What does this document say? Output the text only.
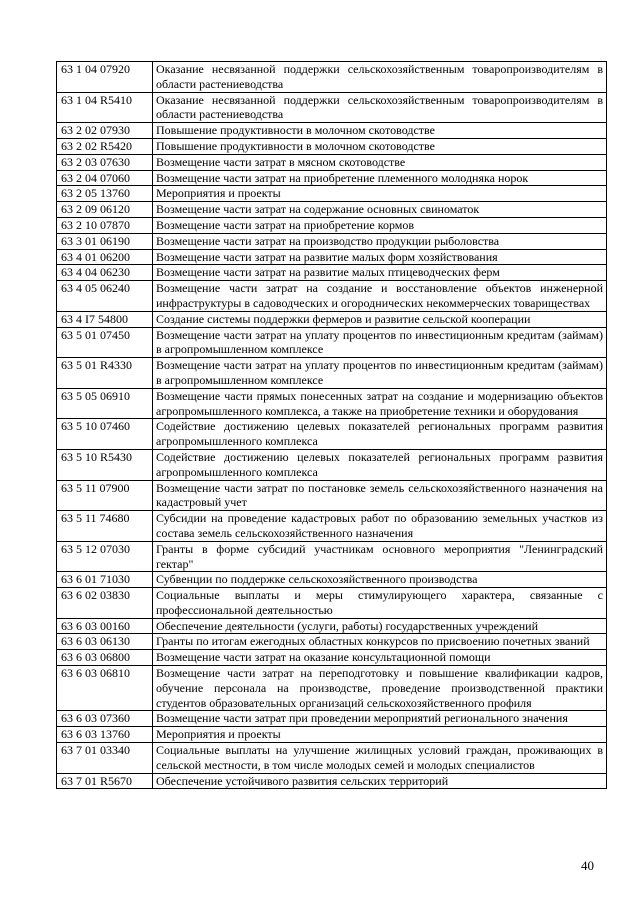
63 1 04 07920	Оказание несвязанной поддержки сельскохозяйственным товаропроизводителям в области растениеводства
63 1 04 R5410	Оказание несвязанной поддержки сельскохозяйственным товаропроизводителям в области растениеводства
63 2 02 07930	Повышение продуктивности в молочном скотоводстве
63 2 02 R5420	Повышение продуктивности в молочном скотоводстве
63 2 03 07630	Возмещение части затрат в мясном скотоводстве
63 2 04 07060	Возмещение части затрат на приобретение племенного молодняка норок
63 2 05 13760	Мероприятия и проекты
63 2 09 06120	Возмещение части затрат на содержание основных свиноматок
63 2 10 07870	Возмещение части затрат на приобретение кормов
63 3 01 06190	Возмещение части затрат на производство продукции рыболовства
63 4 01 06200	Возмещение части затрат на развитие малых форм хозяйствования
63 4 04 06230	Возмещение части затрат на развитие малых птицеводческих ферм
63 4 05 06240	Возмещение части затрат на создание и восстановление объектов инженерной инфраструктуры в садоводческих и огороднических некоммерческих товариществах
63 4 I7 54800	Создание системы поддержки фермеров и развитие сельской кооперации
63 5 01 07450	Возмещение части затрат на уплату процентов по инвестиционным кредитам (займам) в агропромышленном комплексе
63 5 01 R4330	Возмещение части затрат на уплату процентов по инвестиционным кредитам (займам) в агропромышленном комплексе
63 5 05 06910	Возмещение части прямых понесенных затрат на создание и модернизацию объектов агропромышленного комплекса, а также на приобретение техники и оборудования
63 5 10 07460	Содействие достижению целевых показателей региональных программ развития агропромышленного комплекса
63 5 10 R5430	Содействие достижению целевых показателей региональных программ развития агропромышленного комплекса
63 5 11 07900	Возмещение части затрат по постановке земель сельскохозяйственного назначения на кадастровый учет
63 5 11 74680	Субсидии на проведение кадастровых работ по образованию земельных участков из состава земель сельскохозяйственного назначения
63 5 12 07030	Гранты в форме субсидий участникам основного мероприятия "Ленинградский гектар"
63 6 01 71030	Субвенции по поддержке сельскохозяйственного производства
63 6 02 03830	Социальные выплаты и меры стимулирующего характера, связанные с профессиональной деятельностью
63 6 03 00160	Обеспечение деятельности (услуги, работы) государственных учреждений
63 6 03 06130	Гранты по итогам ежегодных областных конкурсов по присвоению почетных званий
63 6 03 06800	Возмещение части затрат на оказание консультационной помощи
63 6 03 06810	Возмещение части затрат на переподготовку и повышение квалификации кадров, обучение персонала на производстве, проведение производственной практики студентов образовательных организаций сельскохозяйственного профиля
63 6 03 07360	Возмещение части затрат при проведении мероприятий регионального значения
63 6 03 13760	Мероприятия и проекты
63 7 01 03340	Социальные выплаты на улучшение жилищных условий граждан, проживающих в сельской местности, в том числе молодых семей и молодых специалистов
63 7 01 R5670	Обеспечение устойчивого развития сельских территорий
40
